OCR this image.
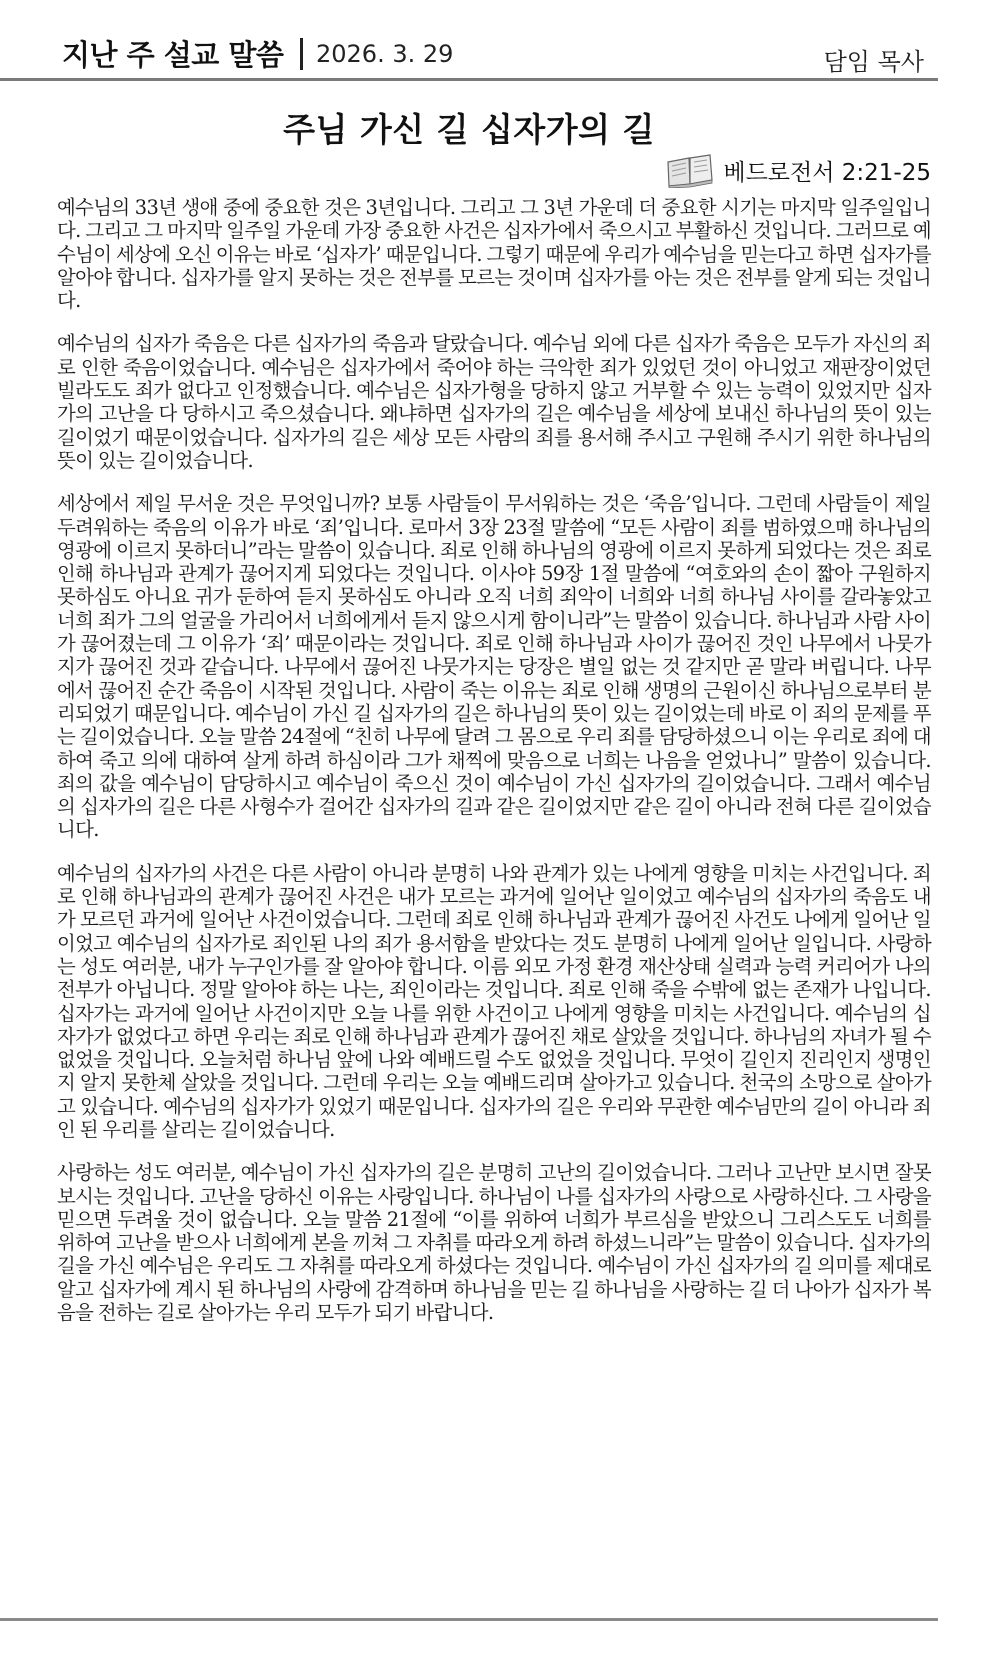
지난 주 설교 말씀 2026. 3. 29	담임 목사
주님 가신 길 십자가의 길
베드로전서 2:21-25

예수님의 33년 생애 중에 중요한 것은 3년입니다. 그리고 그 3년 가운데 더 중요한 시기는 마지막 일주일입니다. 그리고 그 마지막 일주일 가운데 가장 중요한 사건은 십자가에서 죽으시고 부활하신 것입니다. 그러므로 예수님이 세상에 오신 이유는 바로 ‘십자가’ 때문입니다. 그렇기 때문에 우리가 예수님을 믿는다고 하면 십자가를 알아야 합니다. 십자가를 알지 못하는 것은 전부를 모르는 것이며 십자가를 아는 것은 전부를 알게 되는 것입니다.

예수님의 십자가 죽음은 다른 십자가의 죽음과 달랐습니다. 예수님 외에 다른 십자가 죽음은 모두가 자신의 죄로 인한 죽음이었습니다. 예수님은 십자가에서 죽어야 하는 극악한 죄가 있었던 것이 아니었고 재판장이었던 빌라도도 죄가 없다고 인정했습니다. 예수님은 십자가형을 당하지 않고 거부할 수 있는 능력이 있었지만 십자가의 고난을 다 당하시고 죽으셨습니다. 왜냐하면 십자가의 길은 예수님을 세상에 보내신 하나님의 뜻이 있는 길이었기 때문이었습니다. 십자가의 길은 세상 모든 사람의 죄를 용서해 주시고 구원해 주시기 위한 하나님의 뜻이 있는 길이었습니다.

세상에서 제일 무서운 것은 무엇입니까? 보통 사람들이 무서워하는 것은 ‘죽음’입니다. 그런데 사람들이 제일 두려워하는 죽음의 이유가 바로 ‘죄’입니다. 로마서 3장 23절 말씀에 “모든 사람이 죄를 범하였으매 하나님의 영광에 이르지 못하더니”라는 말씀이 있습니다. 죄로 인해 하나님의 영광에 이르지 못하게 되었다는 것은 죄로 인해 하나님과 관계가 끊어지게 되었다는 것입니다. 이사야 59장 1절 말씀에 “여호와의 손이 짧아 구원하지 못하심도 아니요 귀가 둔하여 듣지 못하심도 아니라 오직 너희 죄악이 너희와 너희 하나님 사이를 갈라놓았고 너희 죄가 그의 얼굴을 가리어서 너희에게서 듣지 않으시게 함이니라”는 말씀이 있습니다. 하나님과 사람 사이가 끊어졌는데 그 이유가 ‘죄’ 때문이라는 것입니다. 죄로 인해 하나님과 사이가 끊어진 것인 나무에서 나뭇가지가 끊어진 것과 같습니다. 나무에서 끊어진 나뭇가지는 당장은 별일 없는 것 같지만 곧 말라 버립니다. 나무에서 끊어진 순간 죽음이 시작된 것입니다. 사람이 죽는 이유는 죄로 인해 생명의 근원이신 하나님으로부터 분리되었기 때문입니다. 예수님이 가신 길 십자가의 길은 하나님의 뜻이 있는 길이었는데 바로 이 죄의 문제를 푸는 길이었습니다. 오늘 말씀 24절에 “친히 나무에 달려 그 몸으로 우리 죄를 담당하셨으니 이는 우리로 죄에 대하여 죽고 의에 대하여 살게 하려 하심이라 그가 채찍에 맞음으로 너희는 나음을 얻었나니” 말씀이 있습니다. 죄의 값을 예수님이 담당하시고 예수님이 죽으신 것이 예수님이 가신 십자가의 길이었습니다. 그래서 예수님의 십자가의 길은 다른 사형수가 걸어간 십자가의 길과 같은 길이었지만 같은 길이 아니라 전혀 다른 길이었습니다.

예수님의 십자가의 사건은 다른 사람이 아니라 분명히 나와 관계가 있는 나에게 영향을 미치는 사건입니다. 죄로 인해 하나님과의 관계가 끊어진 사건은 내가 모르는 과거에 일어난 일이었고 예수님의 십자가의 죽음도 내가 모르던 과거에 일어난 사건이었습니다. 그런데 죄로 인해 하나님과 관계가 끊어진 사건도 나에게 일어난 일이었고 예수님의 십자가로 죄인된 나의 죄가 용서함을 받았다는 것도 분명히 나에게 일어난 일입니다. 사랑하는 성도 여러분, 내가 누구인가를 잘 알아야 합니다. 이름 외모 가정 환경 재산상태 실력과 능력 커리어가 나의 전부가 아닙니다. 정말 알아야 하는 나는, 죄인이라는 것입니다. 죄로 인해 죽을 수밖에 없는 존재가 나입니다. 십자가는 과거에 일어난 사건이지만 오늘 나를 위한 사건이고 나에게 영향을 미치는 사건입니다. 예수님의 십자가가 없었다고 하면 우리는 죄로 인해 하나님과 관계가 끊어진 채로 살았을 것입니다. 하나님의 자녀가 될 수 없었을 것입니다. 오늘처럼 하나님 앞에 나와 예배드릴 수도 없었을 것입니다. 무엇이 길인지 진리인지 생명인지 알지 못한체 살았을 것입니다. 그런데 우리는 오늘 예배드리며 살아가고 있습니다. 천국의 소망으로 살아가고 있습니다. 예수님의 십자가가 있었기 때문입니다. 십자가의 길은 우리와 무관한 예수님만의 길이 아니라 죄인 된 우리를 살리는 길이었습니다.

사랑하는 성도 여러분, 예수님이 가신 십자가의 길은 분명히 고난의 길이었습니다. 그러나 고난만 보시면 잘못 보시는 것입니다. 고난을 당하신 이유는 사랑입니다. 하나님이 나를 십자가의 사랑으로 사랑하신다. 그 사랑을 믿으면 두려울 것이 없습니다. 오늘 말씀 21절에 “이를 위하여 너희가 부르심을 받았으니 그리스도도 너희를 위하여 고난을 받으사 너희에게 본을 끼쳐 그 자취를 따라오게 하려 하셨느니라”는 말씀이 있습니다. 십자가의 길을 가신 예수님은 우리도 그 자취를 따라오게 하셨다는 것입니다. 예수님이 가신 십자가의 길 의미를 제대로 알고 십자가에 계시 된 하나님의 사랑에 감격하며 하나님을 믿는 길 하나님을 사랑하는 길 더 나아가 십자가 복음을 전하는 길로 살아가는 우리 모두가 되기 바랍니다.
